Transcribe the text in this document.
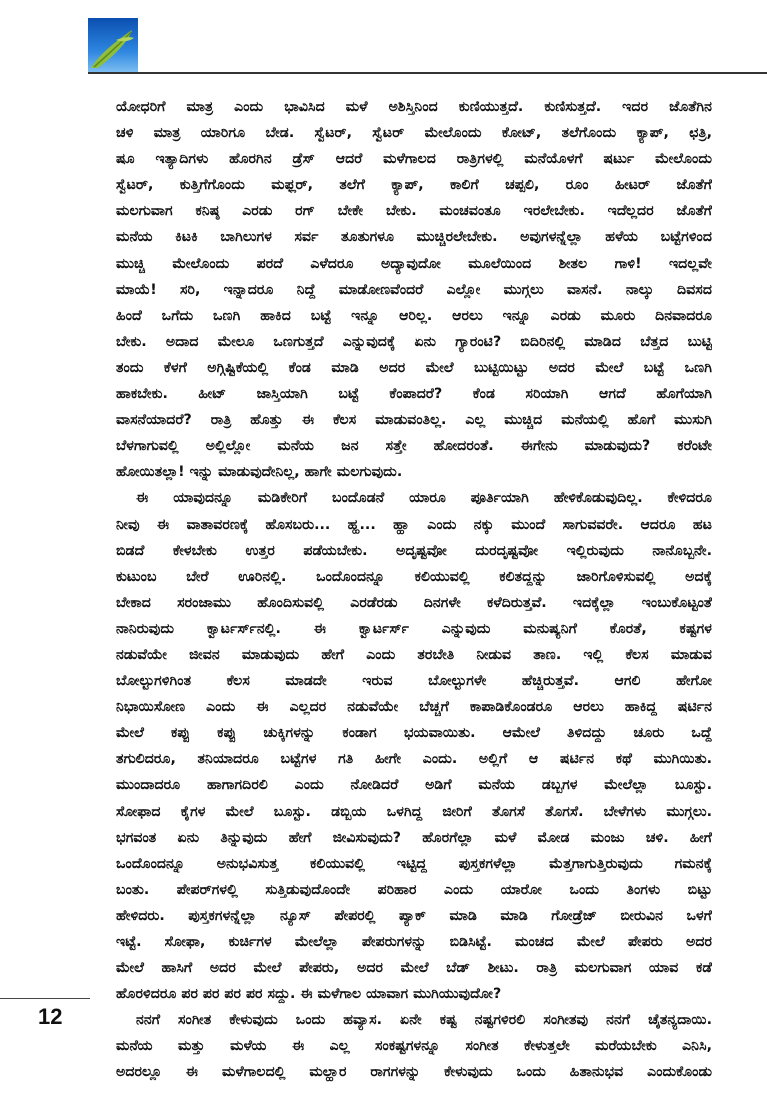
ಯೋಧರಿಗೆ ಮಾತ್ರ ಎಂದು ಭಾವಿಸಿದ ಮಳೆ ಅಶಿಸ್ತಿನಿಂದ ಕುಣಿಯುತ್ತದೆ. ಕುಣಿಸುತ್ತದೆ. ಇದರ ಜೊತೆಗಿನ
ಚಳಿ ಮಾತ್ರ ಯಾರಿಗೂ ಬೇಡ. ಸ್ವೆಟರ್, ಸ್ವೆಟರ್ ಮೇಲೊಂದು ಕೋಟ್, ತಲೆಗೊಂದು ಕ್ಯಾಪ್, ಛತ್ರಿ,
ಷೂ ಇತ್ಯಾದಿಗಳು ಹೊರಗಿನ ಡ್ರೆಸ್ ಆದರೆ ಮಳೆಗಾಲದ ರಾತ್ರಿಗಳಲ್ಲಿ ಮನೆಯೊಳಗೆ ಷರ್ಟು ಮೇಲೊಂದು
ಸ್ವೆಟರ್, ಕುತ್ತಿಗೆಗೊಂದು ಮಫ್ಲರ್, ತಲೆಗೆ ಕ್ಯಾಪ್, ಕಾಲಿಗೆ ಚಪ್ಪಲಿ, ರೂಂ ಹೀಟರ್ ಜೊತೆಗೆ
ಮಲಗುವಾಗ ಕನಿಷ್ಠ ಎರಡು ರಗ್ ಬೇಕೇ ಬೇಕು. ಮಂಚವಂತೂ ಇರಲೇಬೇಕು. ಇದೆಲ್ಲದರ ಜೊತೆಗೆ
ಮನೆಯ ಕಿಟಕಿ ಬಾಗಿಲುಗಳ ಸರ್ವ ತೂತುಗಳೂ ಮುಚ್ಚಿರಲೇಬೇಕು. ಅವುಗಳನ್ನೆಲ್ಲಾ ಹಳೆಯ ಬಟ್ಟೆಗಳಿಂದ
ಮುಚ್ಚಿ ಮೇಲೊಂದು ಪರದೆ ಎಳೆದರೂ ಅದ್ಯಾವುದೋ ಮೂಲೆಯಿಂದ ಶೀತಲ ಗಾಳಿ! ಇದಲ್ಲವೇ
ಮಾಯೆ! ಸರಿ, ಇನ್ನಾದರೂ ನಿದ್ದೆ ಮಾಡೋಣವೆಂದರೆ ಎಲ್ಲೋ ಮುಗ್ಗಲು ವಾಸನೆ. ನಾಲ್ಕು ದಿವಸದ
ಹಿಂದೆ ಒಗೆದು ಒಣಗಿ ಹಾಕಿದ ಬಟ್ಟೆ ಇನ್ನೂ ಆರಿಲ್ಲ. ಆರಲು ಇನ್ನೂ ಎರಡು ಮೂರು ದಿನವಾದರೂ
ಬೇಕು. ಅದಾದ ಮೇಲೂ ಒಣಗುತ್ತದೆ ಎನ್ನುವುದಕ್ಕೆ ಏನು ಗ್ಯಾರಂಟಿ? ಬಿದಿರಿನಲ್ಲಿ ಮಾಡಿದ ಬೆತ್ತದ ಬುಟ್ಟಿ
ತಂದು ಕೆಳಗೆ ಅಗ್ಗಿಷ್ಟಿಕೆಯಲ್ಲಿ ಕೆಂಡ ಮಾಡಿ ಅದರ ಮೇಲೆ ಬುಟ್ಟಿಯಿಟ್ಟು ಅದರ ಮೇಲೆ ಬಟ್ಟೆ ಒಣಗಿ
ಹಾಕಬೇಕು. ಹೀಟ್ ಜಾಸ್ತಿಯಾಗಿ ಬಟ್ಟೆ ಕೆಂಪಾದರೆ? ಕೆಂಡ ಸರಿಯಾಗಿ ಆಗದೆ ಹೊಗೆಯಾಗಿ
ವಾಸನೆಯಾದರೆ? ರಾತ್ರಿ ಹೊತ್ತು ಈ ಕೆಲಸ ಮಾಡುವಂತಿಲ್ಲ. ಎಲ್ಲ ಮುಚ್ಚಿದ ಮನೆಯಲ್ಲಿ ಹೊಗೆ ಮುಸುಗಿ
ಬೆಳಗಾಗುವಲ್ಲಿ ಅಲ್ಲಿಲ್ಲೋ ಮನೆಯ ಜನ ಸತ್ತೇ ಹೋದರಂತೆ. ಈಗೇನು ಮಾಡುವುದು? ಕರೆಂಟೇ
ಹೋಯಿತಲ್ಲಾ! ಇನ್ನು ಮಾಡುವುದೇನಿಲ್ಲ, ಹಾಗೇ ಮಲಗುವುದು.
ಈ ಯಾವುದನ್ನೂ ಮಡಿಕೇರಿಗೆ ಬಂದೊಡನೆ ಯಾರೂ ಪೂರ್ತಿಯಾಗಿ ಹೇಳಿಕೊಡುವುದಿಲ್ಲ. ಕೇಳಿದರೂ
ನೀವು ಈ ವಾತಾವರಣಕ್ಕೆ ಹೊಸಬರು... ಹ್ಹ... ಹ್ಹಾ ಎಂದು ನಕ್ಕು ಮುಂದೆ ಸಾಗುವವರೇ. ಆದರೂ ಹಟ
ಬಿಡದೆ ಕೇಳಬೇಕು ಉತ್ತರ ಪಡೆಯಬೇಕು. ಅದೃಷ್ಟವೋ ದುರದೃಷ್ಟವೋ ಇಲ್ಲಿರುವುದು ನಾನೊಬ್ಬನೇ.
ಕುಟುಂಬ ಬೇರೆ ಊರಿನಲ್ಲಿ. ಒಂದೊಂದನ್ನೂ ಕಲಿಯುವಲ್ಲಿ ಕಲಿತದ್ದನ್ನು ಜಾರಿಗೊಳಿಸುವಲ್ಲಿ ಅದಕ್ಕೆ
ಬೇಕಾದ ಸರಂಜಾಮು ಹೊಂದಿಸುವಲ್ಲಿ ಎರಡೆರಡು ದಿನಗಳೇ ಕಳೆದಿರುತ್ತವೆ. ಇದಕ್ಕೆಲ್ಲಾ ಇಂಬುಕೊಟ್ಟಂತೆ
ನಾನಿರುವುದು ಕ್ವಾರ್ಟರ್ಸ್‌ನಲ್ಲಿ. ಈ ಕ್ವಾರ್ಟರ್ಸ್ ಎನ್ನುವುದು ಮನುಷ್ಯನಿಗೆ ಕೊರತೆ, ಕಷ್ಟಗಳ
ನಡುವೆಯೇ ಜೀವನ ಮಾಡುವುದು ಹೇಗೆ ಎಂದು ತರಬೇತಿ ನೀಡುವ ತಾಣ. ಇಲ್ಲಿ ಕೆಲಸ ಮಾಡುವ
ಬೋಲ್ಟುಗಳಿಗಿಂತ ಕೆಲಸ ಮಾಡದೇ ಇರುವ ಬೋಲ್ಟುಗಳೇ ಹೆಚ್ಚಿರುತ್ತವೆ. ಆಗಲಿ ಹೇಗೋ
ನಿಭಾಯಿಸೋಣ ಎಂದು ಈ ಎಲ್ಲದರ ನಡುವೆಯೇ ಬೆಚ್ಚಗೆ ಕಾಪಾಡಿಕೊಂಡರೂ ಆರಲು ಹಾಕಿದ್ದ ಷರ್ಟಿನ
ಮೇಲೆ ಕಪ್ಪು ಕಪ್ಪು ಚುಕ್ಕಿಗಳನ್ನು ಕಂಡಾಗ ಭಯವಾಯಿತು. ಆಮೇಲೆ ತಿಳಿದದ್ದು ಚೂರು ಒದ್ದೆ
ತಗುಲಿದರೂ, ತನಿಯಾದರೂ ಬಟ್ಟೆಗಳ ಗತಿ ಹೀಗೇ ಎಂದು. ಅಲ್ಲಿಗೆ ಆ ಷರ್ಟಿನ ಕಥೆ ಮುಗಿಯಿತು.
ಮುಂದಾದರೂ ಹಾಗಾಗದಿರಲಿ ಎಂದು ನೋಡಿದರೆ ಅಡಿಗೆ ಮನೆಯ ಡಬ್ಬಗಳ ಮೇಲೆಲ್ಲಾ ಬೂಸ್ಟು.
ಸೋಫಾದ ಕೈಗಳ ಮೇಲೆ ಬೂಸ್ಟು. ಡಬ್ಬಿಯ ಒಳಗಿದ್ದ ಜೀರಿಗೆ ತೊಗಸೆ ತೊಗಸೆ. ಬೇಳೆಗಳು ಮುಗ್ಗಲು.
ಭಗವಂತ ಏನು ತಿನ್ನುವುದು ಹೇಗೆ ಜೀವಿಸುವುದು? ಹೊರಗೆಲ್ಲಾ ಮಳೆ ಮೋಡ ಮಂಜು ಚಳಿ. ಹೀಗೆ
ಒಂದೊಂದನ್ನೂ ಅನುಭವಿಸುತ್ತ ಕಲಿಯುವಲ್ಲಿ ಇಟ್ಟಿದ್ದ ಪುಸ್ತಕಗಳೆಲ್ಲಾ ಮೆತ್ತಗಾಗುತ್ತಿರುವುದು ಗಮನಕ್ಕೆ
ಬಂತು. ಪೇಪರ್‌ಗಳಲ್ಲಿ ಸುತ್ತಿಡುವುದೊಂದೇ ಪರಿಹಾರ ಎಂದು ಯಾರೋ ಒಂದು ತಿಂಗಳು ಬಿಟ್ಟು
ಹೇಳಿದರು. ಪುಸ್ತಕಗಳನ್ನೆಲ್ಲಾ ನ್ಯೂಸ್ ಪೇಪರಲ್ಲಿ ಪ್ಯಾಕ್ ಮಾಡಿ ಮಾಡಿ ಗೋಡ್ರೆಜ್ ಬೀರುವಿನ ಒಳಗೆ
ಇಟ್ಟೆ. ಸೋಫಾ, ಕುರ್ಚಿಗಳ ಮೇಲೆಲ್ಲಾ ಪೇಪರುಗಳನ್ನು ಬಿಡಿಸಿಟ್ಟೆ. ಮಂಚದ ಮೇಲೆ ಪೇಪರು ಅದರ
ಮೇಲೆ ಹಾಸಿಗೆ ಅದರ ಮೇಲೆ ಪೇಪರು, ಅದರ ಮೇಲೆ ಬೆಡ್ ಶೀಟು. ರಾತ್ರಿ ಮಲಗುವಾಗ ಯಾವ ಕಡೆ
ಹೊರಳಿದರೂ ಪರ ಪರ ಪರ ಪರ ಸದ್ದು. ಈ ಮಳೆಗಾಲ ಯಾವಾಗ ಮುಗಿಯುವುದೋ?
ನನಗೆ ಸಂಗೀತ ಕೇಳುವುದು ಒಂದು ಹವ್ಯಾಸ. ಏನೇ ಕಷ್ಟ ನಷ್ಟಗಳಿರಲಿ ಸಂಗೀತವು ನನಗೆ ಚೈತನ್ಯದಾಯಿ.
ಮನೆಯ ಮತ್ತು ಮಳೆಯ ಈ ಎಲ್ಲ ಸಂಕಷ್ಟಗಳನ್ನೂ ಸಂಗೀತ ಕೇಳುತ್ತಲೇ ಮರೆಯಬೇಕು ಎನಿಸಿ,
ಅದರಲ್ಲೂ ಈ ಮಳೆಗಾಲದಲ್ಲಿ ಮಲ್ಹಾರ ರಾಗಗಳನ್ನು ಕೇಳುವುದು ಒಂದು ಹಿತಾನುಭವ ಎಂದುಕೊಂಡು
12
